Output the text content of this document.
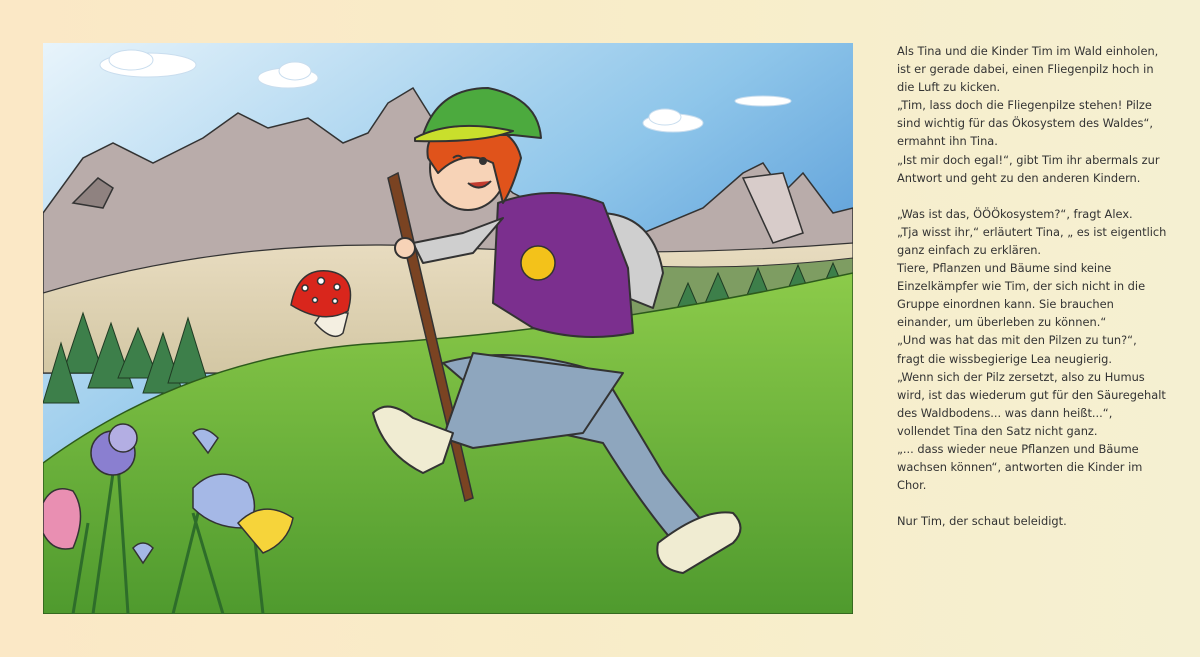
Als Tina und die Kinder Tim im Wald einholen, ist er gerade dabei, einen Fliegenpilz hoch in die Luft zu kicken.

„Tim, lass doch die Fliegenpilze stehen! Pilze sind wichtig für das Ökosystem des Waldes“, ermahnt ihn Tina.

„Ist mir doch egal!“, gibt Tim ihr abermals zur Antwort und geht zu den anderen Kindern.

„Was ist das, ÖÖÖkosystem?“, fragt Alex.

„Tja wisst ihr,“ erläutert Tina, „ es ist eigentlich ganz einfach zu erklären.

Tiere, Pflanzen und Bäume sind keine Einzelkämpfer wie Tim, der sich nicht in die Gruppe einordnen kann. Sie brauchen einander, um überleben zu können.“

„Und was hat das mit den Pilzen zu tun?“, fragt die wissbegierige Lea neugierig.

„Wenn sich der Pilz zersetzt, also zu Humus wird, ist das wiederum gut für den Säuregehalt des Waldbodens... was dann heißt...“, vollendet Tina den Satz nicht ganz.

„... dass wieder neue Pflanzen und Bäume wachsen können“, antworten die Kinder im Chor.

Nur Tim, der schaut beleidigt.
